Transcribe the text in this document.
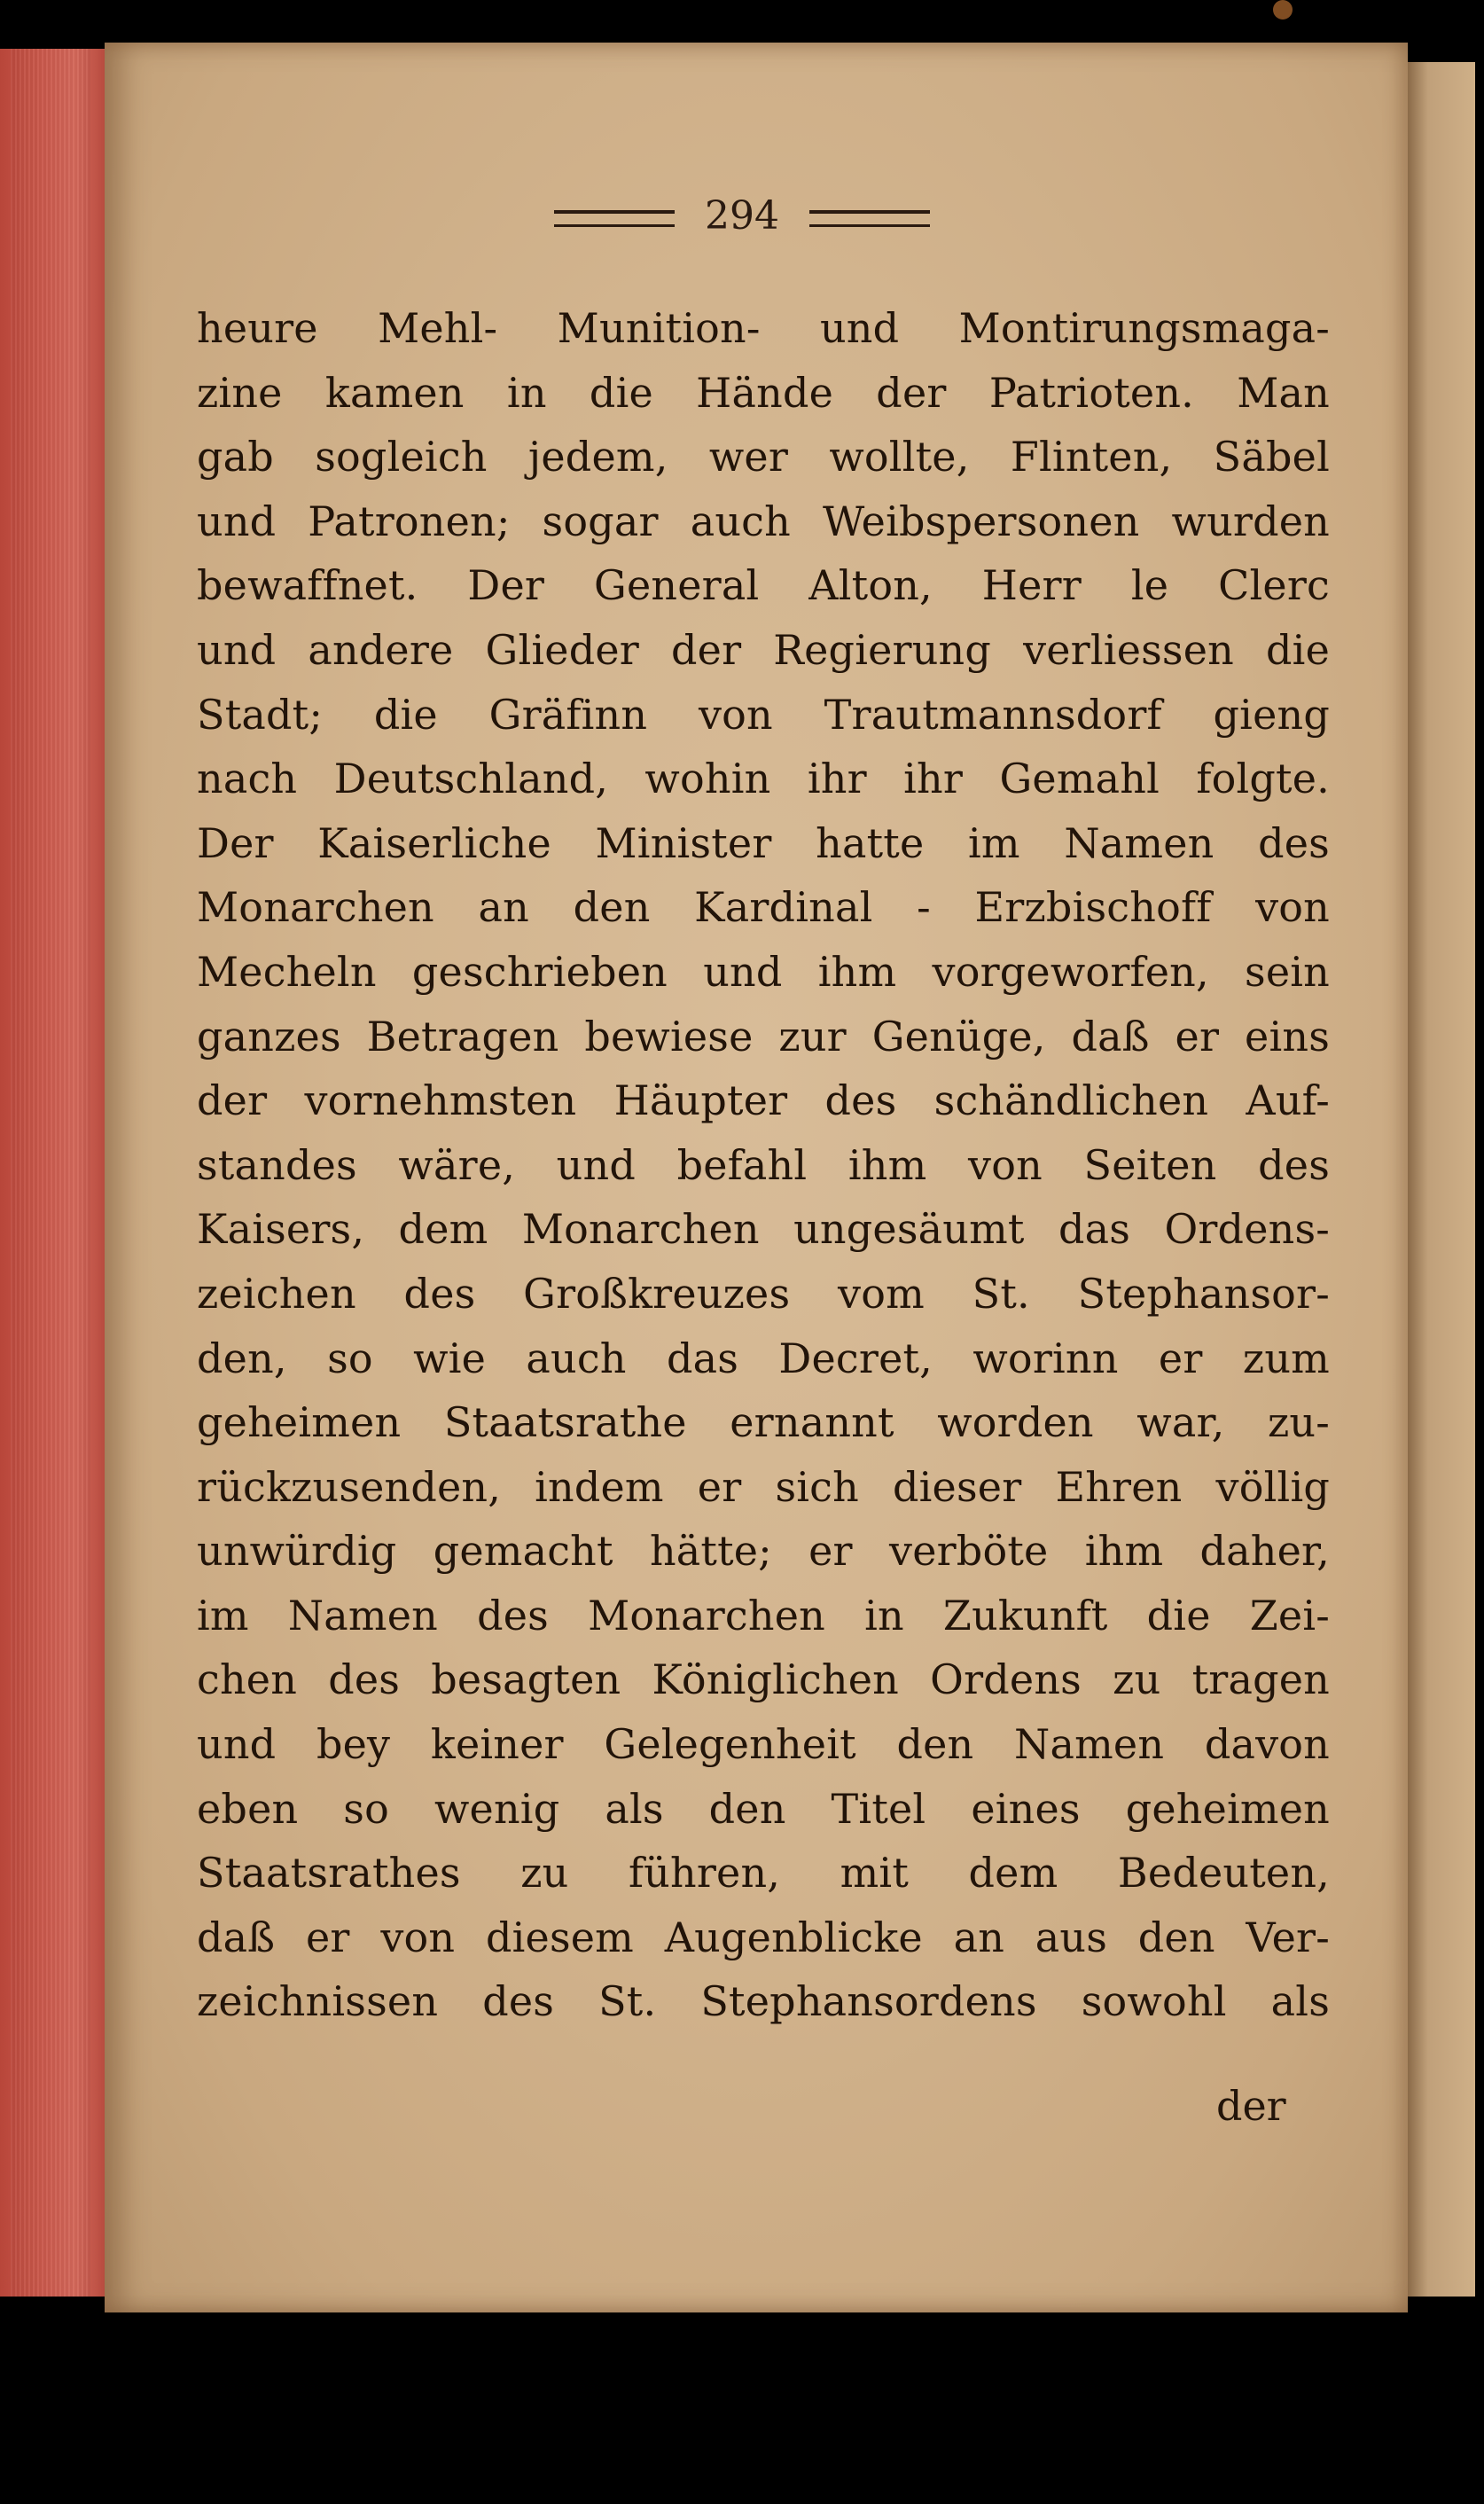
294
heure Mehl- Munition- und Montirungsmaga-
zine kamen in die Hände der Patrioten. Man
gab sogleich jedem, wer wollte, Flinten, Säbel
und Patronen; sogar auch Weibspersonen wurden
bewaffnet. Der General Alton, Herr le Clerc
und andere Glieder der Regierung verliessen die
Stadt; die Gräfinn von Trautmannsdorf gieng
nach Deutschland, wohin ihr ihr Gemahl folgte.
Der Kaiserliche Minister hatte im Namen des
Monarchen an den Kardinal - Erzbischoff von
Mecheln geschrieben und ihm vorgeworfen, sein
ganzes Betragen bewiese zur Genüge, daß er eins
der vornehmsten Häupter des schändlichen Auf-
standes wäre, und befahl ihm von Seiten des
Kaisers, dem Monarchen ungesäumt das Ordens-
zeichen des Großkreuzes vom St. Stephansor-
den, so wie auch das Decret, worinn er zum
geheimen Staatsrathe ernannt worden war, zu-
rückzusenden, indem er sich dieser Ehren völlig
unwürdig gemacht hätte; er verböte ihm daher,
im Namen des Monarchen in Zukunft die Zei-
chen des besagten Königlichen Ordens zu tragen
und bey keiner Gelegenheit den Namen davon
eben so wenig als den Titel eines geheimen
Staatsrathes zu führen, mit dem Bedeuten,
daß er von diesem Augenblicke an aus den Ver-
zeichnissen des St. Stephansordens sowohl als
der
